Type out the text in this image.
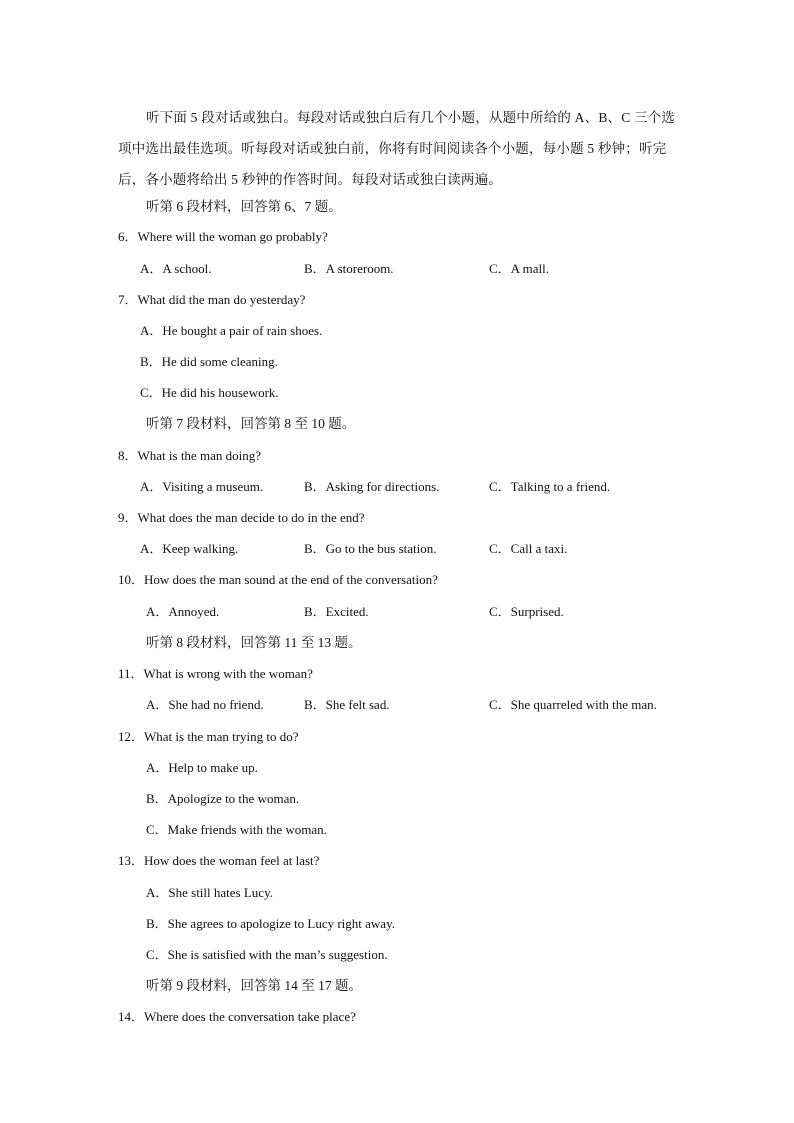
听下面 5 段对话或独白。每段对话或独白后有几个小题，从题中所给的 A、B、C 三个选项中选出最佳选项。听每段对话或独白前，你将有时间阅读各个小题，每小题 5 秒钟；听完后，各小题将给出 5 秒钟的作答时间。每段对话或独白读两遍。
听第 6 段材料，回答第 6、7 题。
6．Where will the woman go probably?
A．A school.	B．A storeroom.	C．A mall.
7．What did the man do yesterday?
A．He bought a pair of rain shoes.
B．He did some cleaning.
C．He did his housework.
听第 7 段材料，回答第 8 至 10 题。
8．What is the man doing?
A．Visiting a museum.	B．Asking for directions.	C．Talking to a friend.
9．What does the man decide to do in the end?
A．Keep walking.	B．Go to the bus station.	C．Call a taxi.
10．How does the man sound at the end of the conversation?
A．Annoyed.	B．Excited.	C．Surprised.
听第 8 段材料，回答第 11 至 13 题。
11．What is wrong with the woman?
A．She had no friend.	B．She felt sad.	C．She quarreled with the man.
12．What is the man trying to do?
A．Help to make up.
B．Apologize to the woman.
C．Make friends with the woman.
13．How does the woman feel at last?
A．She still hates Lucy.
B．She agrees to apologize to Lucy right away.
C．She is satisfied with the man’s suggestion.
听第 9 段材料，回答第 14 至 17 题。
14．Where does the conversation take place?
